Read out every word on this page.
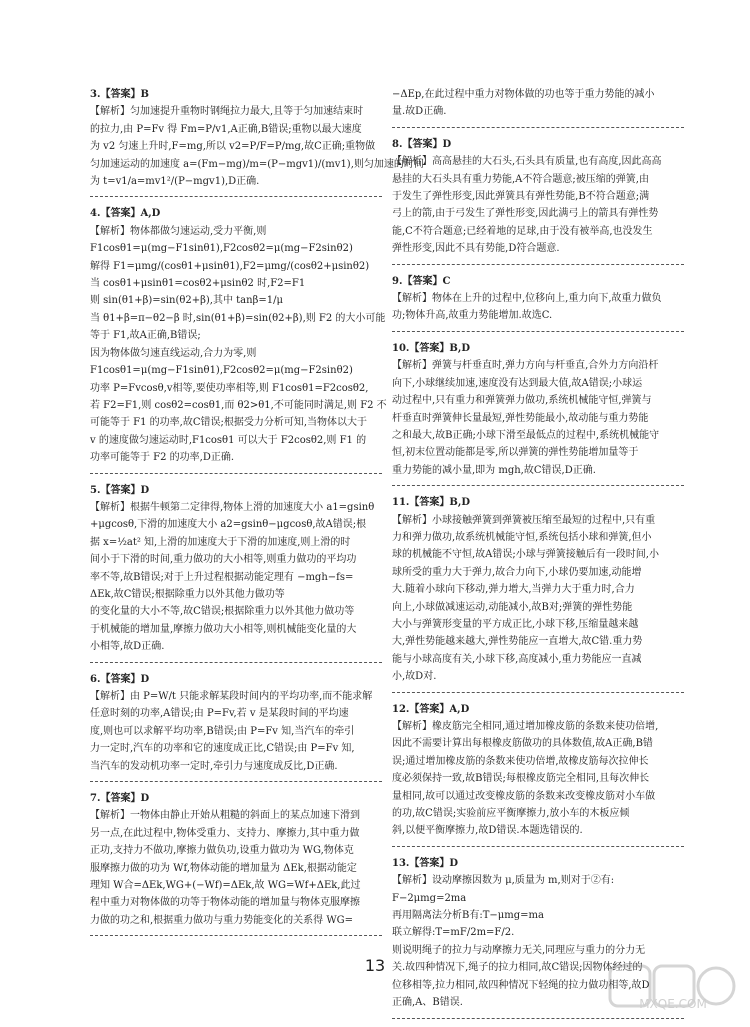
3.【答案】B
【解析】匀加速提升重物时钢绳拉力最大,且等于匀加速结束时
的拉力,由 P=Fv 得 Fm=P/v1,A正确,B错误;重物以最大速度
为 v2 匀速上升时,F=mg,所以 v2=P/F=P/mg,故C正确;重物做
匀加速运动的加速度 a=(Fm−mg)/m=(P−mgv1)/(mv1),则匀加速的时间
为 t=v1/a=mv1²/(P−mgv1),D正确.
4.【答案】A,D
【解析】物体都做匀速运动,受力平衡,则
F1cosθ1=μ(mg−F1sinθ1),F2cosθ2=μ(mg−F2sinθ2)
解得 F1=μmg/(cosθ1+μsinθ1),F2=μmg/(cosθ2+μsinθ2)
当 cosθ1+μsinθ1=cosθ2+μsinθ2 时,F2=F1
则 sin(θ1+β)=sin(θ2+β),其中 tanβ=1/μ
当 θ1+β=π−θ2−β 时,sin(θ1+β)=sin(θ2+β),则 F2 的大小可能
等于 F1,故A正确,B错误;
因为物体做匀速直线运动,合力为零,则
F1cosθ1=μ(mg−F1sinθ1),F2cosθ2=μ(mg−F2sinθ2)
功率 P=Fvcosθ,v相等,要使功率相等,则 F1cosθ1=F2cosθ2,
若 F2=F1,则 cosθ2=cosθ1,而 θ2>θ1,不可能同时满足,则 F2 不
可能等于 F1 的功率,故C错误;根据受力分析可知,当物体以大于
v 的速度做匀速运动时,F1cosθ1 可以大于 F2cosθ2,则 F1 的
功率可能等于 F2 的功率,D正确.
5.【答案】D
【解析】根据牛顿第二定律得,物体上滑的加速度大小 a1=gsinθ
+μgcosθ,下滑的加速度大小 a2=gsinθ−μgcosθ,故A错误;根
据 x=½at² 知,上滑的加速度大于下滑的加速度,则上滑的时
间小于下滑的时间,重力做功的大小相等,则重力做功的平均功
率不等,故B错误;对于上升过程根据动能定理有 −mgh−fs=
ΔEk,故C错误;根据除重力以外其他力做功等
的变化量的大小不等,故C错误;根据除重力以外其他力做功等
于机械能的增加量,摩擦力做功大小相等,则机械能变化量的大
小相等,故D正确.
6.【答案】D
【解析】由 P=W/t 只能求解某段时间内的平均功率,而不能求解
任意时刻的功率,A错误;由 P=Fv,若 v 是某段时间的平均速
度,则也可以求解平均功率,B错误;由 P=Fv 知,当汽车的牵引
力一定时,汽车的功率和它的速度成正比,C错误;由 P=Fv 知,
当汽车的发动机功率一定时,牵引力与速度成反比,D正确.
7.【答案】D
【解析】一物体由静止开始从粗糙的斜面上的某点加速下滑到
另一点,在此过程中,物体受重力、支持力、摩擦力,其中重力做
正功,支持力不做功,摩擦力做负功,设重力做功为 WG,物体克
服摩擦力做的功为 Wf,物体动能的增加量为 ΔEk,根据动能定
理知 W合=ΔEk,WG+(−Wf)=ΔEk,故 WG=Wf+ΔEk,此过
程中重力对物体做的功等于物体动能的增加量与物体克服摩擦
力做的功之和,根据重力做功与重力势能变化的关系得 WG=
−ΔEp,在此过程中重力对物体做的功也等于重力势能的减小
量.故D正确.
8.【答案】D
【解析】高高悬挂的大石头,石头具有质量,也有高度,因此高高
悬挂的大石头具有重力势能,A不符合题意;被压缩的弹簧,由
于发生了弹性形变,因此弹簧具有弹性势能,B不符合题意;满
弓上的箭,由于弓发生了弹性形变,因此满弓上的箭具有弹性势
能,C不符合题意;已经着地的足球,由于没有被举高,也没发生
弹性形变,因此不具有势能,D符合题意.
9.【答案】C
【解析】物体在上升的过程中,位移向上,重力向下,故重力做负
功;物体升高,故重力势能增加.故选C.
10.【答案】B,D
【解析】弹簧与杆垂直时,弹力方向与杆垂直,合外力方向沿杆
向下,小球继续加速,速度没有达到最大值,故A错误;小球运
动过程中,只有重力和弹簧弹力做功,系统机械能守恒,弹簧与
杆垂直时弹簧伸长量最短,弹性势能最小,故动能与重力势能
之和最大,故B正确;小球下滑至最低点的过程中,系统机械能守
恒,初末位置动能都是零,所以弹簧的弹性势能增加量等于
重力势能的减小量,即为 mgh,故C错误,D正确.
11.【答案】B,D
【解析】小球接触弹簧到弹簧被压缩至最短的过程中,只有重
力和弹力做功,故系统机械能守恒,系统包括小球和弹簧,但小
球的机械能不守恒,故A错误;小球与弹簧接触后有一段时间,小
球所受的重力大于弹力,故合力向下,小球仍要加速,动能增
大.随着小球向下移动,弹力增大,当弹力大于重力时,合力
向上,小球做减速运动,动能减小,故B对;弹簧的弹性势能
大小与弹簧形变量的平方成正比,小球下移,压缩量越来越
大,弹性势能越来越大,弹性势能应一直增大,故C错.重力势
能与小球高度有关,小球下移,高度减小,重力势能应一直减
小,故D对.
12.【答案】A,D
【解析】橡皮筋完全相同,通过增加橡皮筋的条数来使功倍增,
因此不需要计算出每根橡皮筋做功的具体数值,故A正确,B错
误;通过增加橡皮筋的条数来使功倍增,故橡皮筋每次拉伸长
度必须保持一致,故B错误;每根橡皮筋完全相同,且每次伸长
量相同,故可以通过改变橡皮筋的条数来改变橡皮筋对小车做
的功,故C错误;实验前应平衡摩擦力,放小车的木板应倾
斜,以便平衡摩擦力,故D错误.本题选错误的.
13.【答案】D
【解析】设动摩擦因数为 μ,质量为 m,则对于②有:
F−2μmg=2ma
再用隔离法分析B有:T−μmg=ma
联立解得:T=mF/2m=F/2.
则说明绳子的拉力与动摩擦力无关,同理应与重力的分力无
关.故四种情况下,绳子的拉力相同,故C错误;因物体经过的
位移相等,拉力相同,故四种情况下轻绳的拉力做功相等,故D
正确,A、B错误.
13
MXQE.COM
